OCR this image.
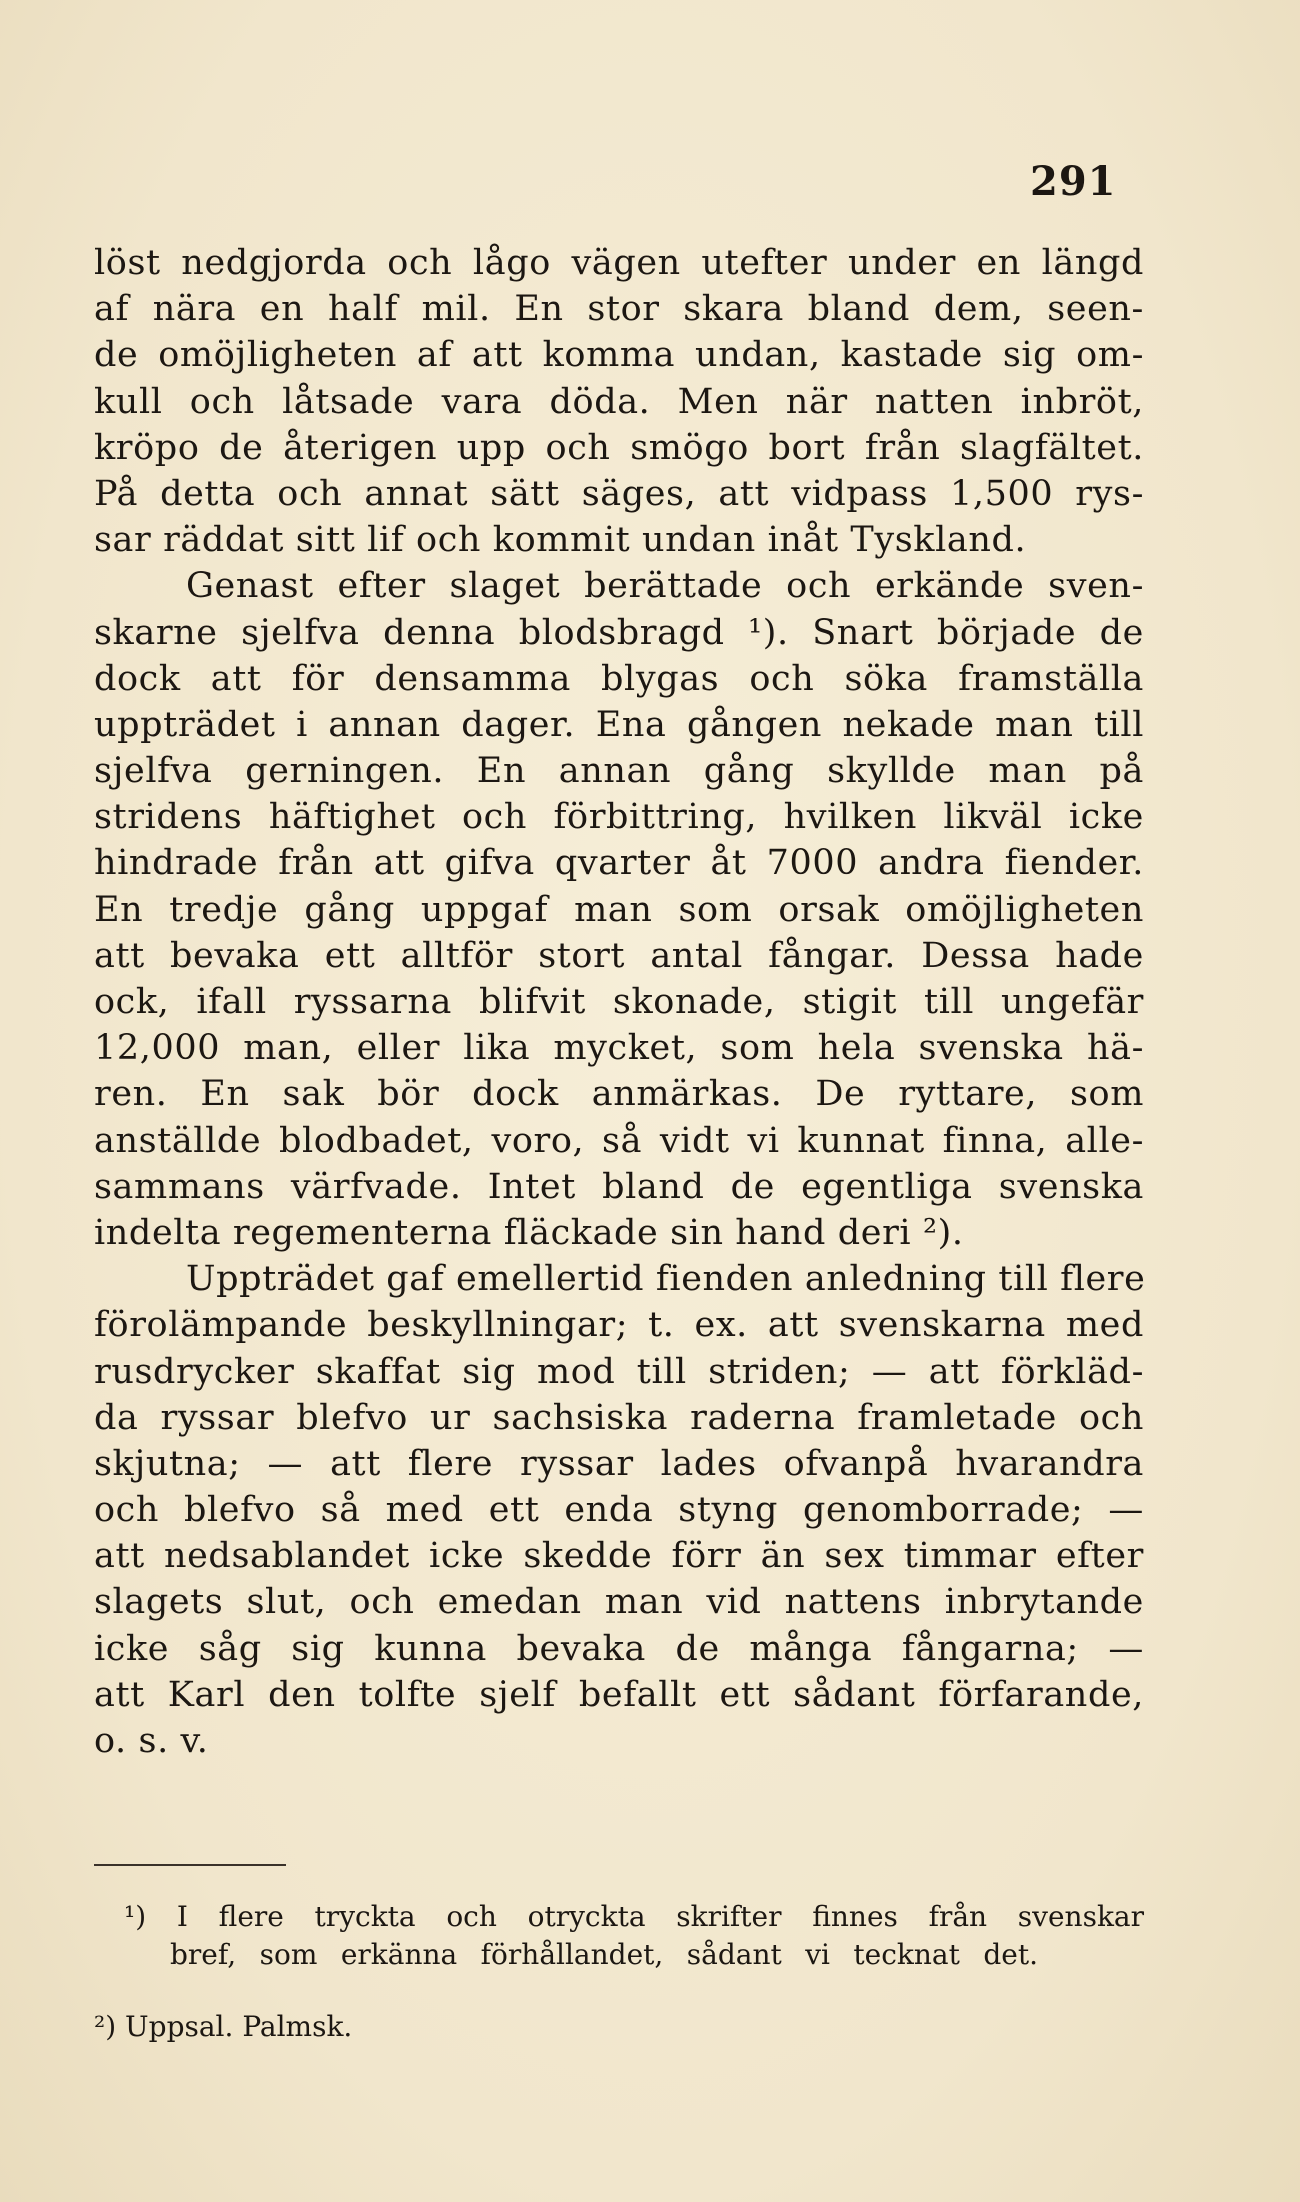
291
löst nedgjorda och lågo vägen utefter under en längd
af nära en half mil. En stor skara bland dem, seen-
de omöjligheten af att komma undan, kastade sig om-
kull och låtsade vara döda. Men när natten inbröt,
kröpo de återigen upp och smögo bort från slagfältet.
På detta och annat sätt säges, att vidpass 1,500 rys-
sar räddat sitt lif och kommit undan inåt Tyskland.
Genast efter slaget berättade och erkände sven-
skarne sjelfva denna blodsbragd ¹). Snart började de
dock att för densamma blygas och söka framställa
uppträdet i annan dager. Ena gången nekade man till
sjelfva gerningen. En annan gång skyllde man på
stridens häftighet och förbittring, hvilken likväl icke
hindrade från att gifva qvarter åt 7000 andra fiender.
En tredje gång uppgaf man som orsak omöjligheten
att bevaka ett alltför stort antal fångar. Dessa hade
ock, ifall ryssarna blifvit skonade, stigit till ungefär
12,000 man, eller lika mycket, som hela svenska hä-
ren. En sak bör dock anmärkas. De ryttare, som
anställde blodbadet, voro, så vidt vi kunnat finna, alle-
sammans värfvade. Intet bland de egentliga svenska
indelta regementerna fläckade sin hand deri ²).
Uppträdet gaf emellertid fienden anledning till flere
förolämpande beskyllningar; t. ex. att svenskarna med
rusdrycker skaffat sig mod till striden; — att förkläd-
da ryssar blefvo ur sachsiska raderna framletade och
skjutna; — att flere ryssar lades ofvanpå hvarandra
och blefvo så med ett enda styng genomborrade; —
att nedsablandet icke skedde förr än sex timmar efter
slagets slut, och emedan man vid nattens inbrytande
icke såg sig kunna bevaka de många fångarna; —
att Karl den tolfte sjelf befallt ett sådant förfarande,
o. s. v.
¹) I flere tryckta och otryckta skrifter finnes från svenskar
bref, som erkänna förhållandet, sådant vi tecknat det.
²) Uppsal. Palmsk.
